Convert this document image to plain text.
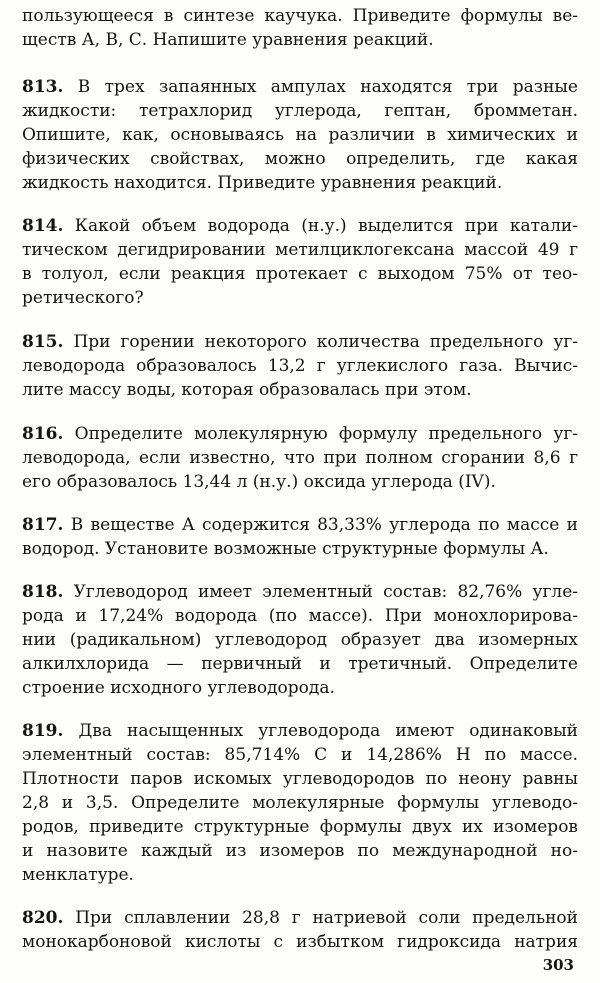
пользующееся в синтезе каучука. Приведите формулы ве-
ществ А, В, С. Напишите уравнения реакций.
813. В трех запаянных ампулах находятся три разные
жидкости: тетрахлорид углерода, гептан, бромметан.
Опишите, как, основываясь на различии в химических и
физических свойствах, можно определить, где какая
жидкость находится. Приведите уравнения реакций.
814. Какой объем водорода (н.у.) выделится при катали-
тическом дегидрировании метилциклогексана массой 49 г
в толуол, если реакция протекает с выходом 75% от тео-
ретического?
815. При горении некоторого количества предельного уг-
леводорода образовалось 13,2 г углекислого газа. Вычис-
лите массу воды, которая образовалась при этом.
816. Определите молекулярную формулу предельного уг-
леводорода, если известно, что при полном сгорании 8,6 г
его образовалось 13,44 л (н.у.) оксида углерода (IV).
817. В веществе А содержится 83,33% углерода по массе и
водород. Установите возможные структурные формулы А.
818. Углеводород имеет элементный состав: 82,76% угле-
рода и 17,24% водорода (по массе). При монохлорирова-
нии (радикальном) углеводород образует два изомерных
алкилхлорида — первичный и третичный. Определите
строение исходного углеводорода.
819. Два насыщенных углеводорода имеют одинаковый
элементный состав: 85,714% С и 14,286% Н по массе.
Плотности паров искомых углеводородов по неону равны
2,8 и 3,5. Определите молекулярные формулы углеводо-
родов, приведите структурные формулы двух их изомеров
и назовите каждый из изомеров по международной но-
менклатуре.
820. При сплавлении 28,8 г натриевой соли предельной
монокарбоновой кислоты с избытком гидроксида натрия
303
